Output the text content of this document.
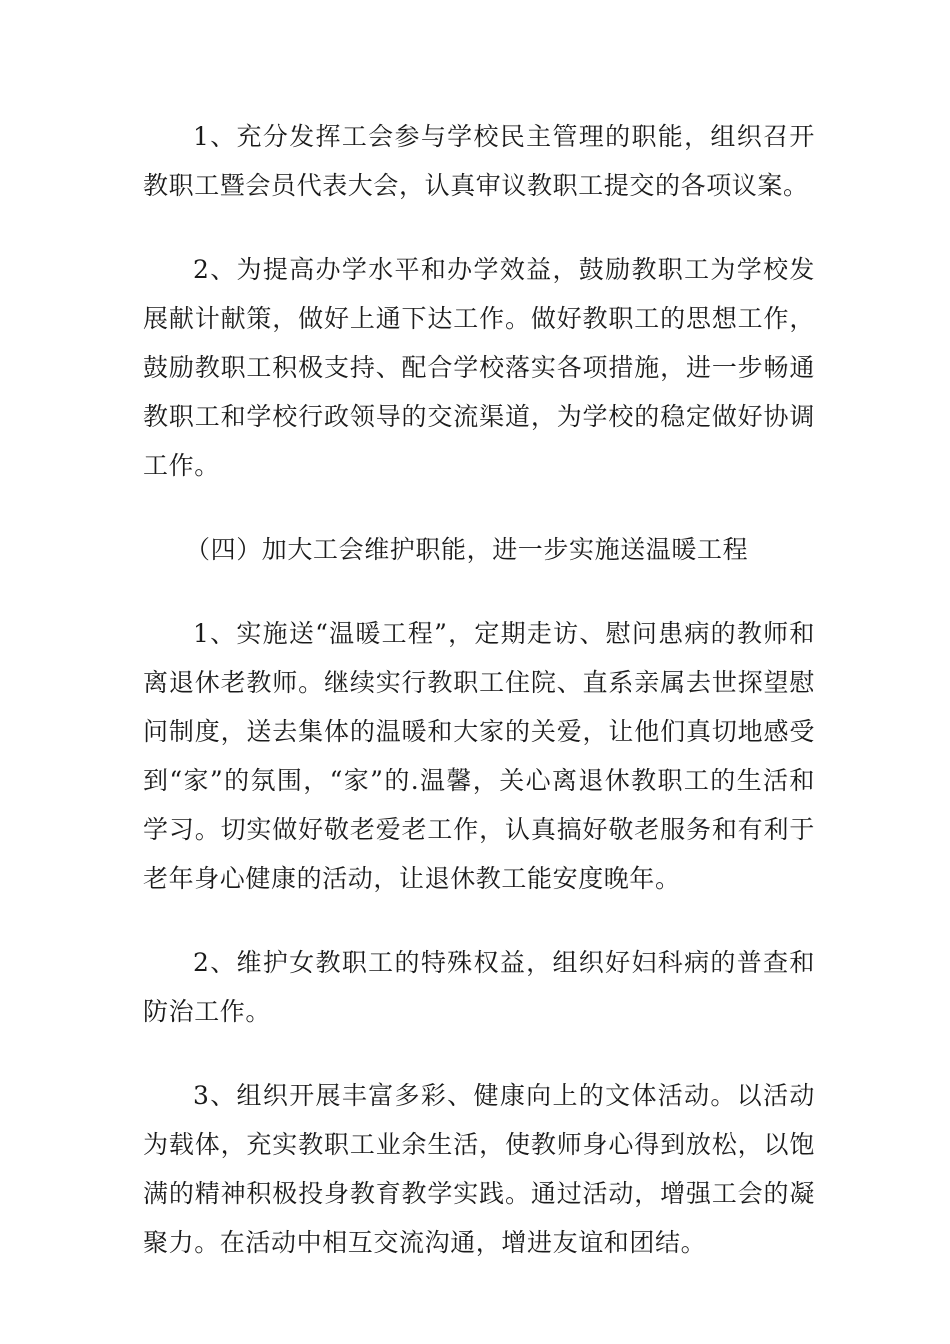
1、充分发挥工会参与学校民主管理的职能，组织召开教职工暨会员代表大会，认真审议教职工提交的各项议案。

2、为提高办学水平和办学效益，鼓励教职工为学校发展献计献策，做好上通下达工作。做好教职工的思想工作，鼓励教职工积极支持、配合学校落实各项措施，进一步畅通教职工和学校行政领导的交流渠道，为学校的稳定做好协调工作。

（四）加大工会维护职能，进一步实施送温暖工程

1、实施送“温暖工程”，定期走访、慰问患病的教师和离退休老教师。继续实行教职工住院、直系亲属去世探望慰问制度，送去集体的温暖和大家的关爱，让他们真切地感受到“家”的氛围，“家”的.温馨，关心离退休教职工的生活和学习。切实做好敬老爱老工作，认真搞好敬老服务和有利于老年身心健康的活动，让退休教工能安度晚年。

2、维护女教职工的特殊权益，组织好妇科病的普查和防治工作。

3、组织开展丰富多彩、健康向上的文体活动。以活动为载体，充实教职工业余生活，使教师身心得到放松，以饱满的精神积极投身教育教学实践。通过活动，增强工会的凝聚力。在活动中相互交流沟通，增进友谊和团结。
